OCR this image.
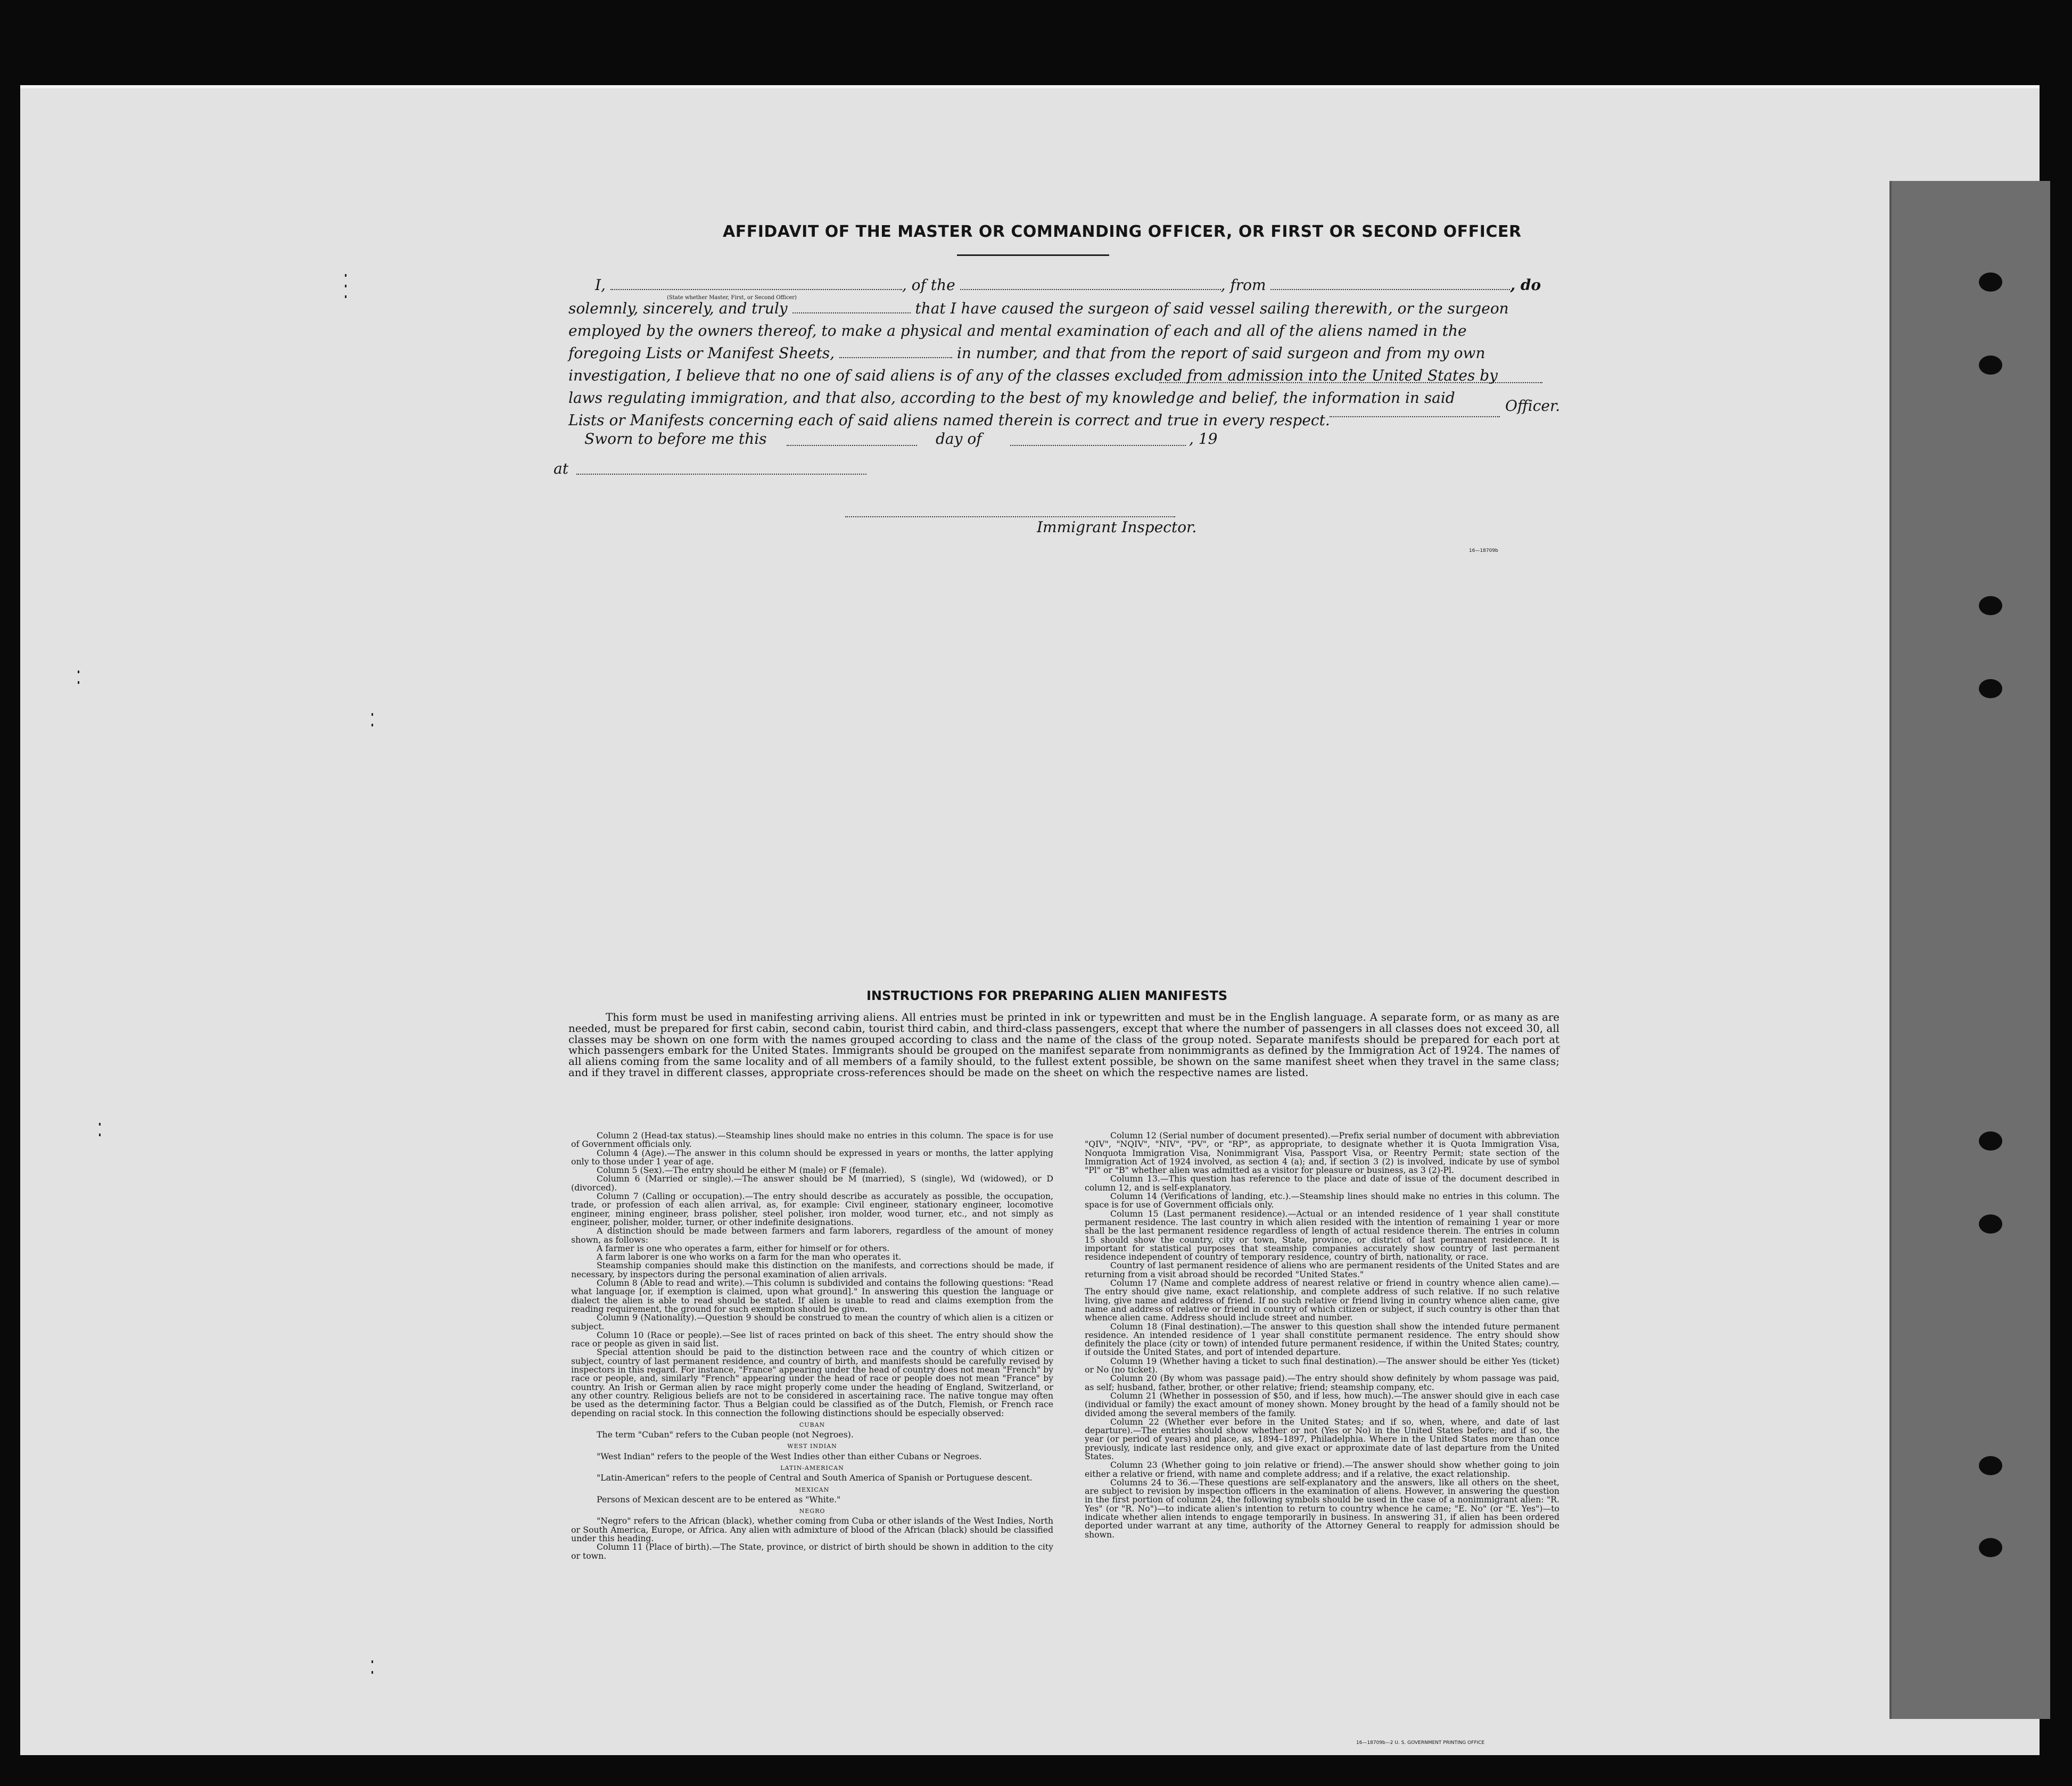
AFFIDAVIT OF THE MASTER OR COMMANDING OFFICER, OR FIRST OR SECOND OFFICER
I,	, of the	, from	, do
(State whether Master, First, or Second Officer)
solemnly, sincerely, and truly	that I have caused the surgeon of said vessel sailing therewith, or the surgeon
employed by the owners thereof, to make a physical and mental examination of each and all of the aliens named in the
foregoing Lists or Manifest Sheets,	in number, and that from the report of said surgeon and from my own
investigation, I believe that no one of said aliens is of any of the classes excluded from admission into the United States by
laws regulating immigration, and that also, according to the best of my knowledge and belief, the information in said
Lists or Manifests concerning each of said aliens named therein is correct and true in every respect.
Officer.
Sworn to before me this	day of	, 19
at
Immigrant Inspector.
16—18709b
INSTRUCTIONS FOR PREPARING ALIEN MANIFESTS

This form must be used in manifesting arriving aliens. All entries must be printed in ink or typewritten and must be in the English language. A separate form, or as many as are needed, must be prepared for first cabin, second cabin, tourist third cabin, and third-class passengers, except that where the number of passengers in all classes does not exceed 30, all classes may be shown on one form with the names grouped according to class and the name of the class of the group noted. Separate manifests should be prepared for each port at which passengers embark for the United States. Immigrants should be grouped on the manifest separate from nonimmigrants as defined by the Immigration Act of 1924. The names of all aliens coming from the same locality and of all members of a family should, to the fullest extent possible, be shown on the same manifest sheet when they travel in the same class; and if they travel in different classes, appropriate cross-references should be made on the sheet on which the respective names are listed.

Column 2 (Head-tax status).—Steamship lines should make no entries in this column. The space is for use of Government officials only.

Column 4 (Age).—The answer in this column should be expressed in years or months, the latter applying only to those under 1 year of age.

Column 5 (Sex).—The entry should be either M (male) or F (female).

Column 6 (Married or single).—The answer should be M (married), S (single), Wd (widowed), or D (divorced).

Column 7 (Calling or occupation).—The entry should describe as accurately as possible, the occupation, trade, or profession of each alien arrival, as, for example: Civil engineer, stationary engineer, locomotive engineer, mining engineer, brass polisher, steel polisher, iron molder, wood turner, etc., and not simply as engineer, polisher, molder, turner, or other indefinite designations.

A distinction should be made between farmers and farm laborers, regardless of the amount of money shown, as follows:

A farmer is one who operates a farm, either for himself or for others.

A farm laborer is one who works on a farm for the man who operates it.

Steamship companies should make this distinction on the manifests, and corrections should be made, if necessary, by inspectors during the personal examination of alien arrivals.

Column 8 (Able to read and write).—This column is subdivided and contains the following questions: "Read what language [or, if exemption is claimed, upon what ground]." In answering this question the language or dialect the alien is able to read should be stated. If alien is unable to read and claims exemption from the reading requirement, the ground for such exemption should be given.

Column 9 (Nationality).—Question 9 should be construed to mean the country of which alien is a citizen or subject.

Column 10 (Race or people).—See list of races printed on back of this sheet. The entry should show the race or people as given in said list.

Special attention should be paid to the distinction between race and the country of which citizen or subject, country of last permanent residence, and country of birth, and manifests should be carefully revised by inspectors in this regard. For instance, "France" appearing under the head of country does not mean "French" by race or people, and, similarly "French" appearing under the head of race or people does not mean "France" by country. An Irish or German alien by race might properly come under the heading of England, Switzerland, or any other country. Religious beliefs are not to be considered in ascertaining race. The native tongue may often be used as the determining factor. Thus a Belgian could be classified as of the Dutch, Flemish, or French race depending on racial stock. In this connection the following distinctions should be especially observed:

CUBAN

The term "Cuban" refers to the Cuban people (not Negroes).

WEST INDIAN

"West Indian" refers to the people of the West Indies other than either Cubans or Negroes.

LATIN-AMERICAN

"Latin-American" refers to the people of Central and South America of Spanish or Portuguese descent.

MEXICAN

Persons of Mexican descent are to be entered as "White."

NEGRO

"Negro" refers to the African (black), whether coming from Cuba or other islands of the West Indies, North or South America, Europe, or Africa. Any alien with admixture of blood of the African (black) should be classified under this heading.

Column 11 (Place of birth).—The State, province, or district of birth should be shown in addition to the city or town.

Column 12 (Serial number of document presented).—Prefix serial number of document with abbreviation "QIV", "NQIV", "NIV", "PV", or "RP", as appropriate, to designate whether it is Quota Immigration Visa, Nonquota Immigration Visa, Nonimmigrant Visa, Passport Visa, or Reentry Permit; state section of the Immigration Act of 1924 involved, as section 4 (a); and, if section 3 (2) is involved, indicate by use of symbol "Pl" or "B" whether alien was admitted as a visitor for pleasure or business, as 3 (2)-Pl.

Column 13.—This question has reference to the place and date of issue of the document described in column 12, and is self-explanatory.

Column 14 (Verifications of landing, etc.).—Steamship lines should make no entries in this column. The space is for use of Government officials only.

Column 15 (Last permanent residence).—Actual or an intended residence of 1 year shall constitute permanent residence. The last country in which alien resided with the intention of remaining 1 year or more shall be the last permanent residence regardless of length of actual residence therein. The entries in column 15 should show the country, city or town, State, province, or district of last permanent residence. It is important for statistical purposes that steamship companies accurately show country of last permanent residence independent of country of temporary residence, country of birth, nationality, or race.

Country of last permanent residence of aliens who are permanent residents of the United States and are returning from a visit abroad should be recorded "United States."

Column 17 (Name and complete address of nearest relative or friend in country whence alien came).—The entry should give name, exact relationship, and complete address of such relative. If no such relative living, give name and address of friend. If no such relative or friend living in country whence alien came, give name and address of relative or friend in country of which citizen or subject, if such country is other than that whence alien came. Address should include street and number.

Column 18 (Final destination).—The answer to this question shall show the intended future permanent residence. An intended residence of 1 year shall constitute permanent residence. The entry should show definitely the place (city or town) of intended future permanent residence, if within the United States; country, if outside the United States, and port of intended departure.

Column 19 (Whether having a ticket to such final destination).—The answer should be either Yes (ticket) or No (no ticket).

Column 20 (By whom was passage paid).—The entry should show definitely by whom passage was paid, as self; husband, father, brother, or other relative; friend; steamship company, etc.

Column 21 (Whether in possession of $50, and if less, how much).—The answer should give in each case (individual or family) the exact amount of money shown. Money brought by the head of a family should not be divided among the several members of the family.

Column 22 (Whether ever before in the United States; and if so, when, where, and date of last departure).—The entries should show whether or not (Yes or No) in the United States before; and if so, the year (or period of years) and place, as, 1894–1897, Philadelphia. Where in the United States more than once previously, indicate last residence only, and give exact or approximate date of last departure from the United States.

Column 23 (Whether going to join relative or friend).—The answer should show whether going to join either a relative or friend, with name and complete address; and if a relative, the exact relationship.

Columns 24 to 36.—These questions are self-explanatory and the answers, like all others on the sheet, are subject to revision by inspection officers in the examination of aliens. However, in answering the question in the first portion of column 24, the following symbols should be used in the case of a nonimmigrant alien: "R. Yes" (or "R. No")—to indicate alien's intention to return to country whence he came; "E. No" (or "E. Yes")—to indicate whether alien intends to engage temporarily in business. In answering 31, if alien has been ordered deported under warrant at any time, authority of the Attorney General to reapply for admission should be shown.

16—18709b—2 U. S. GOVERNMENT PRINTING OFFICE
